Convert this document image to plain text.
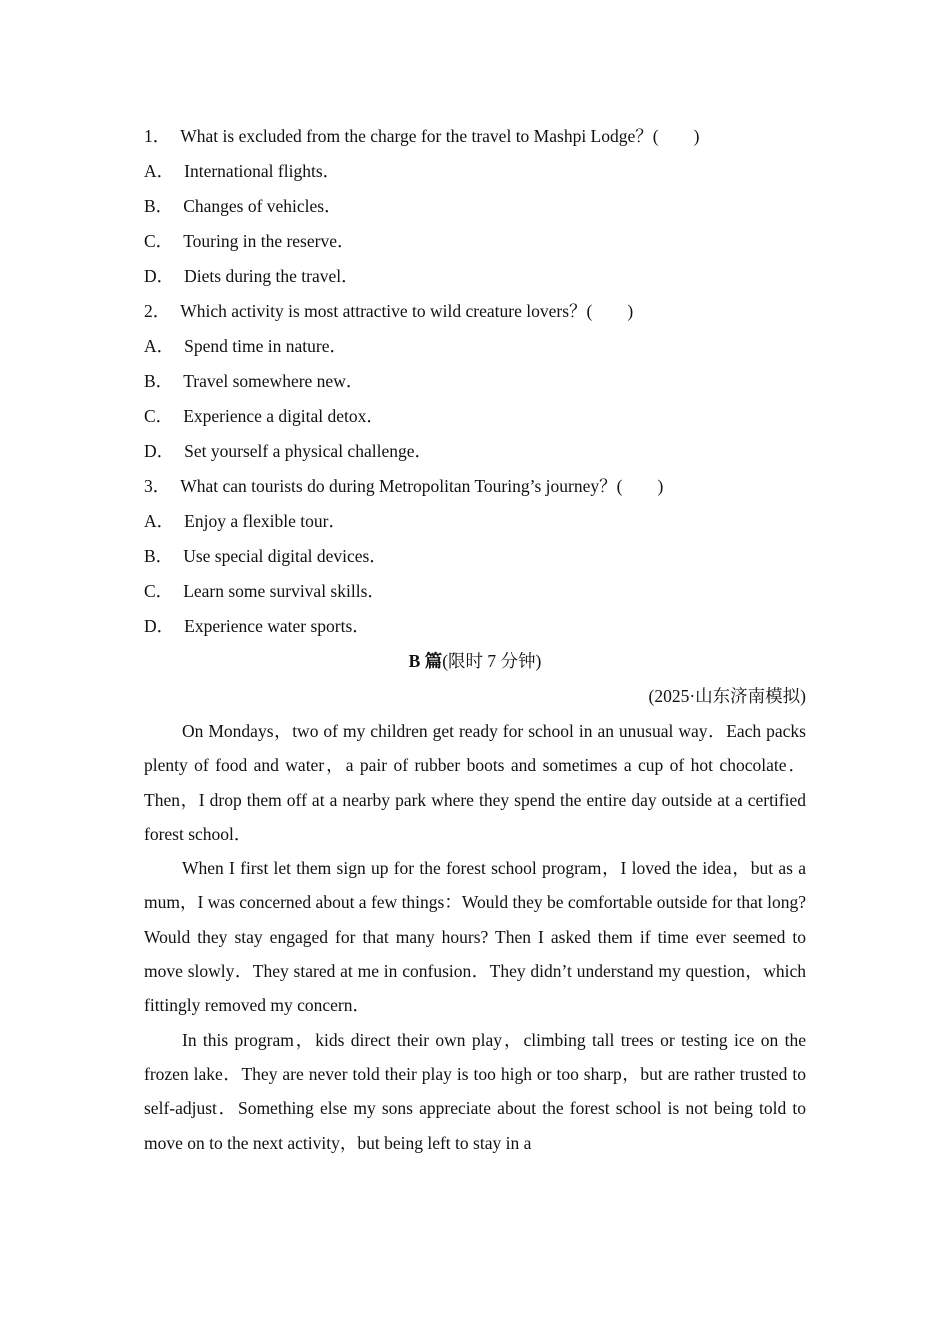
1． What is excluded from the charge for the travel to Mashpi Lodge？(　　)
A． International flights．
B． Changes of vehicles．
C． Touring in the reserve．
D． Diets during the travel．
2． Which activity is most attractive to wild creature lovers？(　　)
A． Spend time in nature．
B． Travel somewhere new．
C． Experience a digital detox．
D． Set yourself a physical challenge．
3． What can tourists do during Metropolitan Touring’s journey？(　　)
A． Enjoy a flexible tour．
B． Use special digital devices．
C． Learn some survival skills．
D． Experience water sports．
B 篇(限时 7 分钟)
(2025·山东济南模拟)

On Mondays，two of my children get ready for school in an unusual way．Each packs plenty of food and water，a pair of rubber boots and sometimes a cup of hot chocolate．Then，I drop them off at a nearby park where they spend the entire day outside at a certified forest school．

When I first let them sign up for the forest school program，I loved the idea，but as a mum，I was concerned about a few things：Would they be comfortable outside for that long? Would they stay engaged for that many hours? Then I asked them if time ever seemed to move slowly．They stared at me in confusion．They didn’t understand my question，which fittingly removed my concern．

In this program，kids direct their own play，climbing tall trees or testing ice on the frozen lake．They are never told their play is too high or too sharp，but are rather trusted to self-adjust．Something else my sons appreciate about the forest school is not being told to move on to the next activity，but being left to stay in a
